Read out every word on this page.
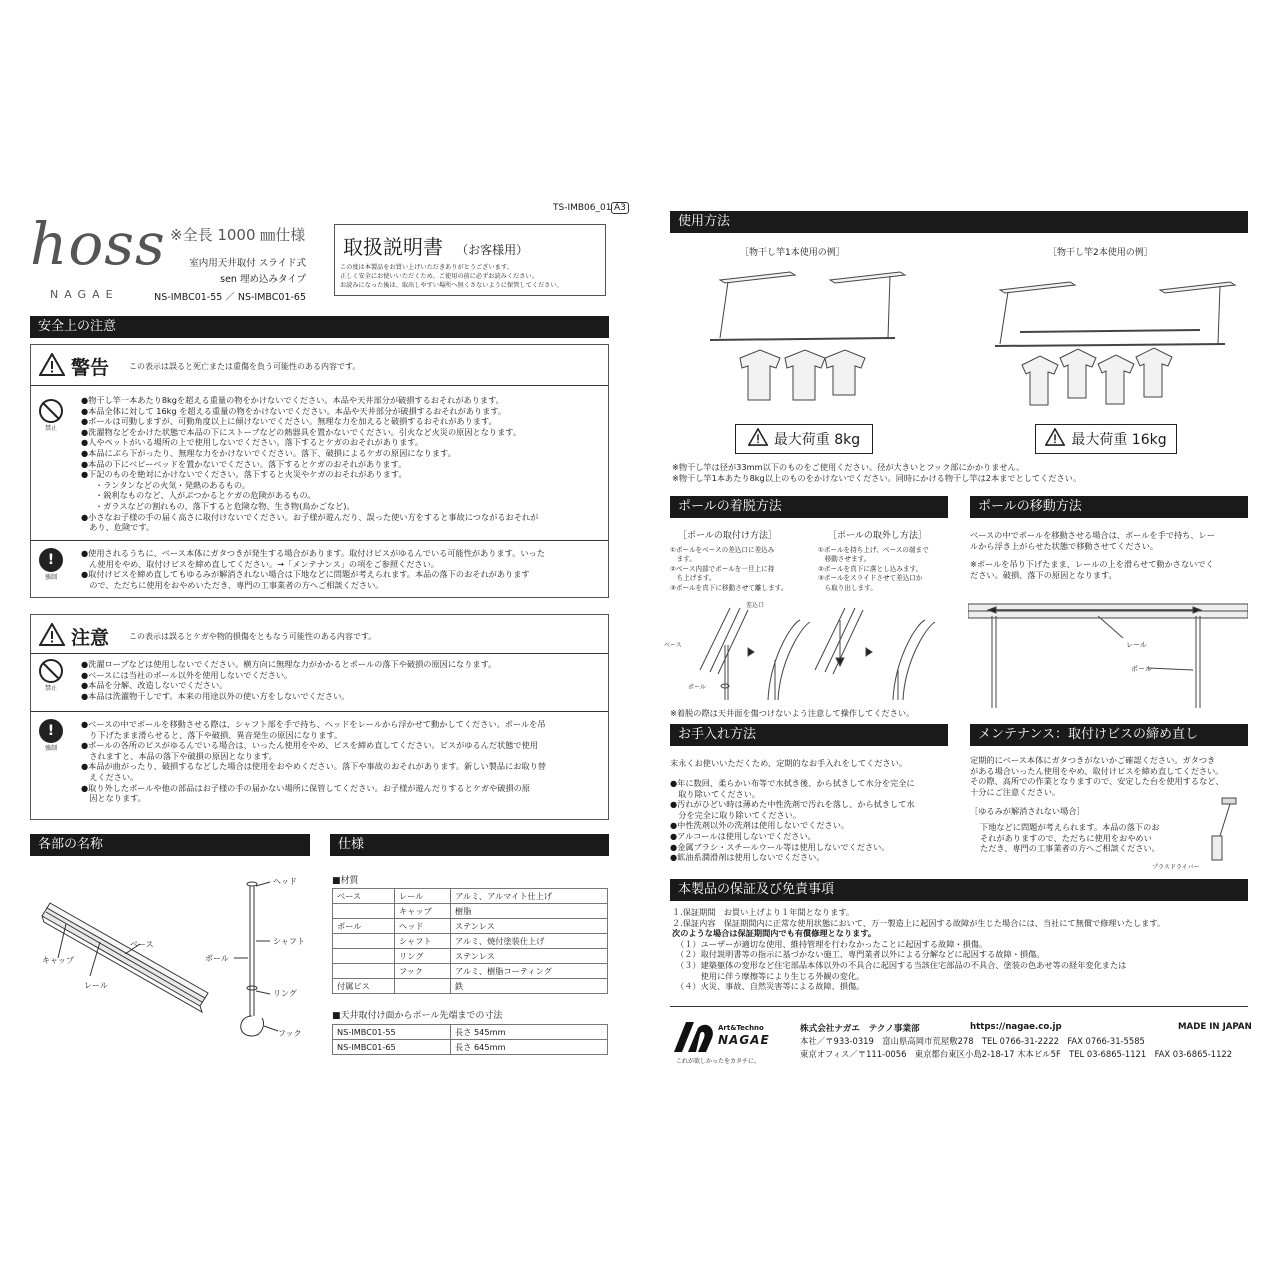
TS-IMB06_01 A3
hoss
NAGAE
※全長 1000 ㎜仕様
室内用天井取付 スライド式
sen 埋め込みタイプ
NS-IMBC01-55 ／ NS-IMBC01-65
取扱説明書 （お客様用）
この度は本製品をお買い上げいただきありがとうございます。
正しく安全にお使いいただくため、ご使用の前に必ずお読みください。
お読みになった後は、取出しやすい場所へ無くさないように保管してください。
安全上の注意
警告	この表示は誤ると死亡または重傷を負う可能性のある内容です。
禁止
●物干し竿一本あたり8kgを超える重量の物をかけないでください。本品や天井部分が破損するおそれがあります。
●本品全体に対して 16kg を超える重量の物をかけないでください。本品や天井部分が破損するおそれがあります。
●ポールは可動しますが、可動角度以上に傾けないでください。無理な力を加えると破損するおそれがあります。
●洗濯物などをかけた状態で本品の下にストーブなどの熱器具を置かないでください。引火など火災の原因となります。
●人やペットがいる場所の上で使用しないでください。落下するとケガのおそれがあります。
●本品にぶら下がったり、無理な力をかけないでください。落下、破損によるケガの原因になります。
●本品の下にベビーベッドを置かないでください。落下するとケガのおそれがあります。
●下記のものを絶対にかけないでください。落下すると火災やケガのおそれがあります。
・ランタンなどの火気・発熱のあるもの。
・鋭利なものなど、人がぶつかるとケガの危険があるもの。
・ガラスなどの割れもの、落下すると危険な物、生き物(鳥かごなど)。
●小さなお子様の手の届く高さに取付けないでください。お子様が遊んだり、誤った使い方をすると事故につながるおそれが
　あり、危険です。
!
強制
●使用されるうちに、ベース本体にガタつきが発生する場合があります。取付けビスがゆるんでいる可能性があります。いった
　ん使用をやめ、取付けビスを締め直してください。→「メンテナンス」の項をご参照ください。
●取付けビスを締め直してもゆるみが解消されない場合は下地などに問題が考えられます。本品の落下のおそれがあります
　ので、ただちに使用をおやめいただき、専門の工事業者の方へご相談ください。
注意	この表示は誤るとケガや物的損傷をともなう可能性のある内容です。
禁止
●洗濯ロープなどは使用しないでください。横方向に無理な力がかかるとポールの落下や破損の原因になります。
●ベースには当社のポール以外を使用しないでください。
●本品を分解、改造しないでください。
●本品は洗濯物干しです。本来の用途以外の使い方をしないでください。
!
強制
●ベースの中でポールを移動させる際は、シャフト部を手で持ち、ヘッドをレールから浮かせて動かしてください。ポールを吊
　り下げたまま滑らせると、落下や破損、異音発生の原因になります。
●ポールの各所のビスがゆるんでいる場合は、いったん使用をやめ、ビスを締め直してください。ビスがゆるんだ状態で使用
　されますと、本品の落下や破損の原因となります。
●本品が曲がったり、破損するなどした場合は使用をおやめください。落下や事故のおそれがあります。新しい製品にお取り替
　えください。
●取り外したポールや他の部品はお子様の手の届かない場所に保管してください。お子様が遊んだりするとケガや破損の原
　因となります。
各部の名称
ベース
キャップ
レール
ヘッド
シャフト
ポール
リング
フック
仕様
■材質
ベース	レール	アルミ、アルマイト仕上げ
	キャップ	樹脂
ポール	ヘッド	ステンレス
	シャフト	アルミ、焼付塗装仕上げ
	リング	ステンレス
	フック	アルミ、樹脂コーティング
付属ビス		鉄
■天井取付け面からポール先端までの寸法
NS-IMBC01-55	長さ 545mm
NS-IMBC01-65	長さ 645mm
使用方法
［物干し竿1本使用の例］	［物干し竿2本使用の例］
最大荷重 8kg	最大荷重 16kg
※物干し竿は径が33mm以下のものをご使用ください。径が大きいとフック部にかかりません。
※物干し竿1本あたり8kg以上のものをかけないでください。同時にかける物干し竿は2本までとしてください。
ポールの着脱方法
［ポールの取付け方法］	［ポールの取外し方法］
①ポールをベースの差込口に差込み
　ます。
②ベース内部でポールを一旦上に持
　ち上げます。
③ポールを真下に移動させて離します。
①ポールを持ち上げ、ベースの端まで
　移動させます。
②ポールを真下に落とし込みます。
③ポールをスライドさせて差込口か
　ら取り出します。
差込口
ベース
ポール
※着脱の際は天井面を傷つけないよう注意して操作してください。
ポールの移動方法
ベースの中でポールを移動させる場合は、ポールを手で持ち、レー
ルから浮き上がらせた状態で移動させてください。
※ポールを吊り下げたまま、レールの上を滑らせて動かさないでく
ださい。破損、落下の原因となります。
レール
ポール
お手入れ方法
末永くお使いいただくため、定期的なお手入れをしてください。
●年に数回、柔らかい布等で水拭き後、から拭きして水分を完全に
　取り除いてください。
●汚れがひどい時は薄めた中性洗剤で汚れを落し、から拭きして水
　分を完全に取り除いてください。
●中性洗剤以外の洗剤は使用しないでください。
●アルコールは使用しないでください。
●金属ブラシ・スチールウール等は使用しないでください。
●鉱油系潤滑剤は使用しないでください。
メンテナンス：取付けビスの締め直し
定期的にベース本体にガタつきがないかご確認ください。ガタつき
がある場合いったん使用をやめ、取付けビスを締め直してください。
その際、高所での作業となりますので、安定した台を使用するなど、
十分にご注意ください。
［ゆるみが解消されない場合］
下地などに問題が考えられます。本品の落下のお
それがありますので、ただちに使用をおやめい
ただき、専門の工事業者の方へご相談ください。
プラスドライバー
本製品の保証及び免責事項
１.保証期間　お買い上げより１年間となります。
２.保証内容　保証期間内に正常な使用状態において、万一製造上に起因する故障が生じた場合には、当社にて無償で修理いたします。
次のような場合は保証期間内でも有償修理となります。
（１）ユーザーが適切な使用、維持管理を行わなかったことに起因する故障・損傷。
（２）取付説明書等の指示に基づかない施工、専門業者以外による分解などに起因する故障・損傷。
（３）建築躯体の変形など住宅部品本体以外の不具合に起因する当該住宅部品の不具合、塗装の色あせ等の経年変化または
　　　使用に伴う摩擦等により生じる外観の変化。
（４）火災、事故、自然災害等による故障、損傷。
Art&Techno
NAGAE
これが欲しかったをカタチに。
株式会社ナガエ　テクノ事業部	https://nagae.co.jp	MADE IN JAPAN
本社／〒933-0319　富山県高岡市荒屋敷278　TEL 0766-31-2222　FAX 0766-31-5585
東京オフィス／〒111-0056　東京都台東区小島2-18-17 木本ビル5F　TEL 03-6865-1121　FAX 03-6865-1122
